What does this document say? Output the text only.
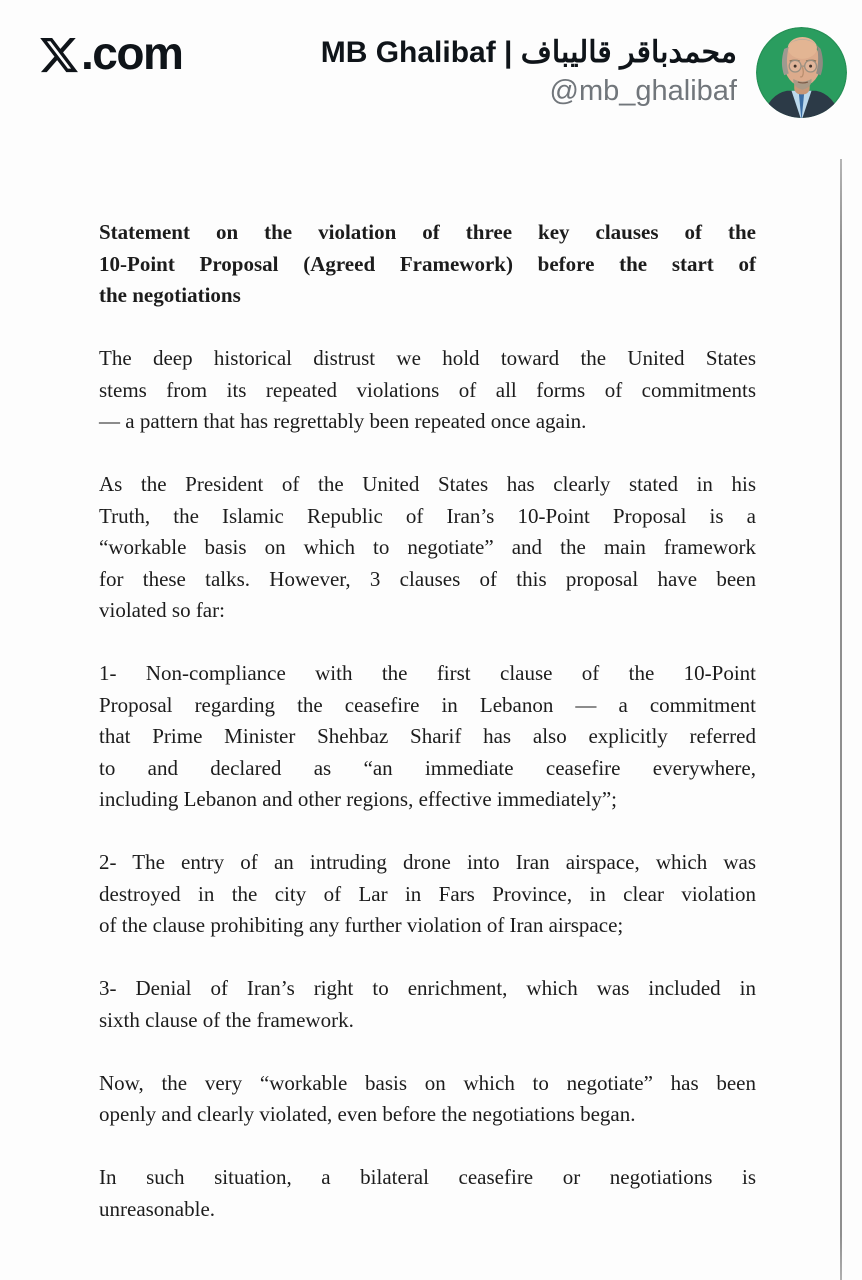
.com	محمدباقر قالیباف | MB Ghalibaf
@mb_ghalibaf
Statement on the violation of three key clauses of the
10-Point Proposal (Agreed Framework) before the start of
the negotiations
The deep historical distrust we hold toward the United States
stems from its repeated violations of all forms of commitments
— a pattern that has regrettably been repeated once again.
As the President of the United States has clearly stated in his
Truth, the Islamic Republic of Iran’s 10-Point Proposal is a
“workable basis on which to negotiate” and the main framework
for these talks. However, 3 clauses of this proposal have been
violated so far:
1- Non-compliance with the first clause of the 10-Point
Proposal regarding the ceasefire in Lebanon — a commitment
that Prime Minister Shehbaz Sharif has also explicitly referred
to and declared as “an immediate ceasefire everywhere,
including Lebanon and other regions, effective immediately”;
2- The entry of an intruding drone into Iran airspace, which was
destroyed in the city of Lar in Fars Province, in clear violation
of the clause prohibiting any further violation of Iran airspace;
3- Denial of Iran’s right to enrichment, which was included in
sixth clause of the framework.
Now, the very “workable basis on which to negotiate” has been
openly and clearly violated, even before the negotiations began.
In such situation, a bilateral ceasefire or negotiations is
unreasonable.
